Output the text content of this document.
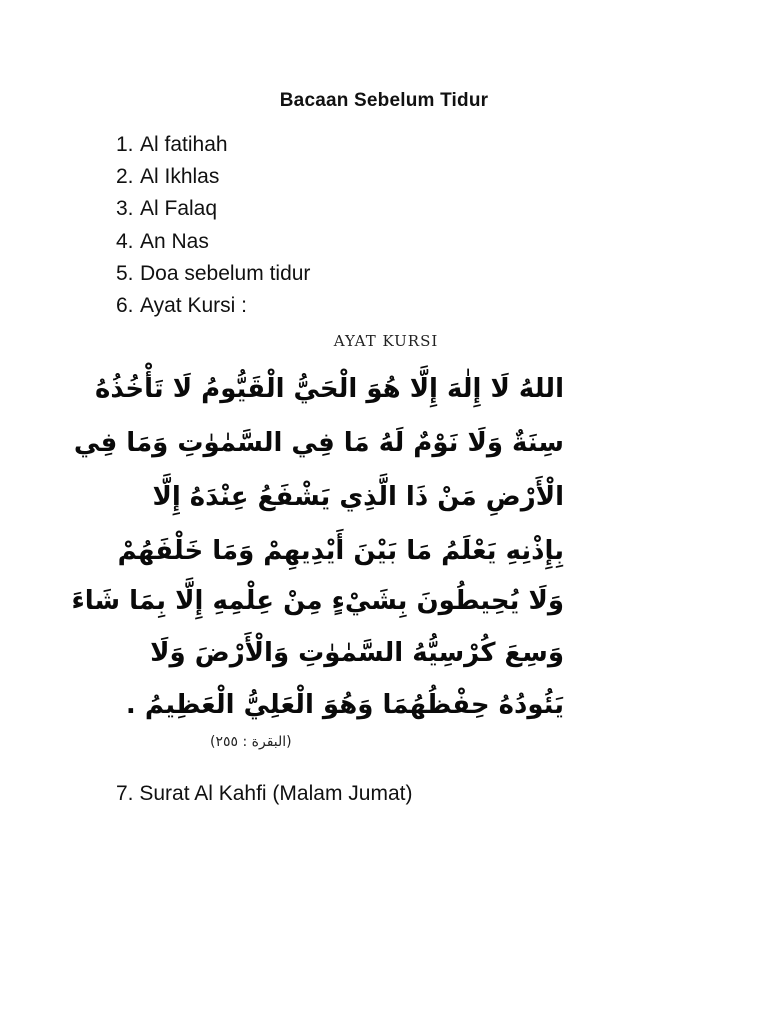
Bacaan Sebelum Tidur
1. Al fatihah
2. Al Ikhlas
3. Al Falaq
4. An Nas
5. Doa sebelum tidur
6. Ayat Kursi :
AYAT KURSI
اللهُ لَا إِلٰهَ إِلَّا هُوَ الْحَيُّ الْقَيُّومُ لَا تَأْخُذُهُ
سِنَةٌ وَلَا نَوْمٌ لَهُ مَا فِي السَّمٰوٰتِ وَمَا فِي
الْأَرْضِ مَنْ ذَا الَّذِي يَشْفَعُ عِنْدَهُ إِلَّا
بِإِذْنِهِ يَعْلَمُ مَا بَيْنَ أَيْدِيهِمْ وَمَا خَلْفَهُمْ
وَلَا يُحِيطُونَ بِشَيْءٍ مِنْ عِلْمِهِ إِلَّا بِمَا شَاءَ
وَسِعَ كُرْسِيُّهُ السَّمٰوٰتِ وَالْأَرْضَ وَلَا
يَئُودُهُ حِفْظُهُمَا وَهُوَ الْعَلِيُّ الْعَظِيمُ .
(البقرة : ٢٥٥)
7. Surat Al Kahfi (Malam Jumat)
